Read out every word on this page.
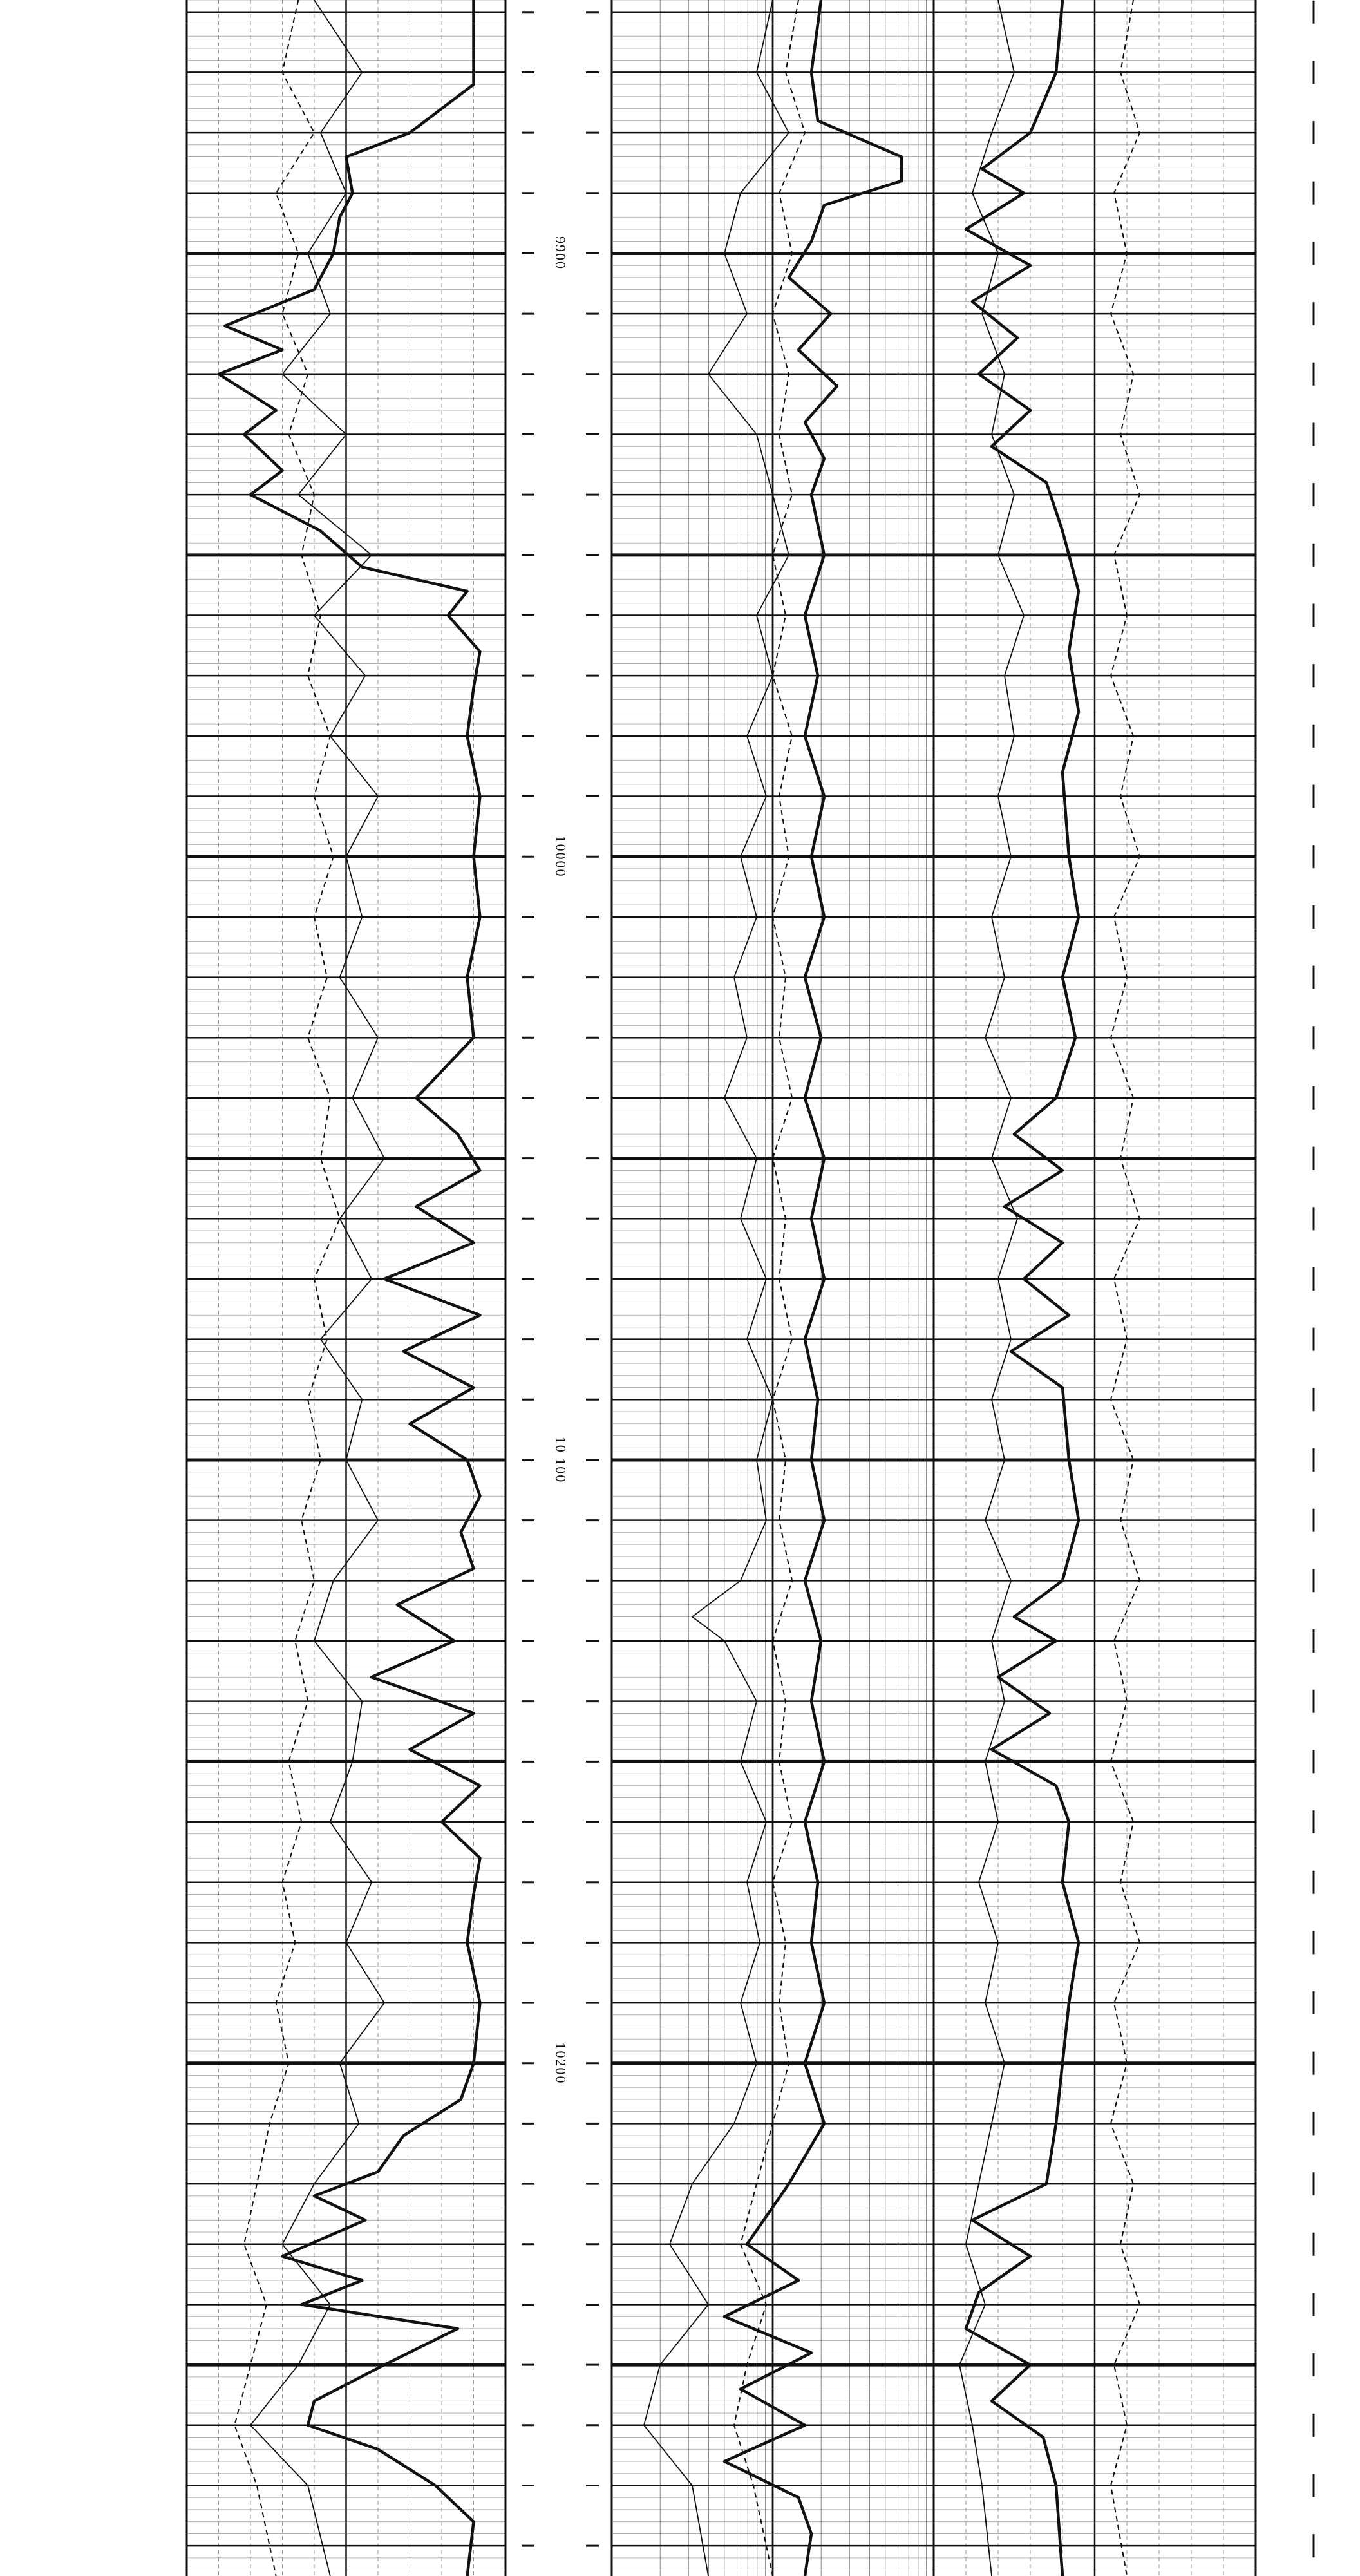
9900
10000
10 100
10200
